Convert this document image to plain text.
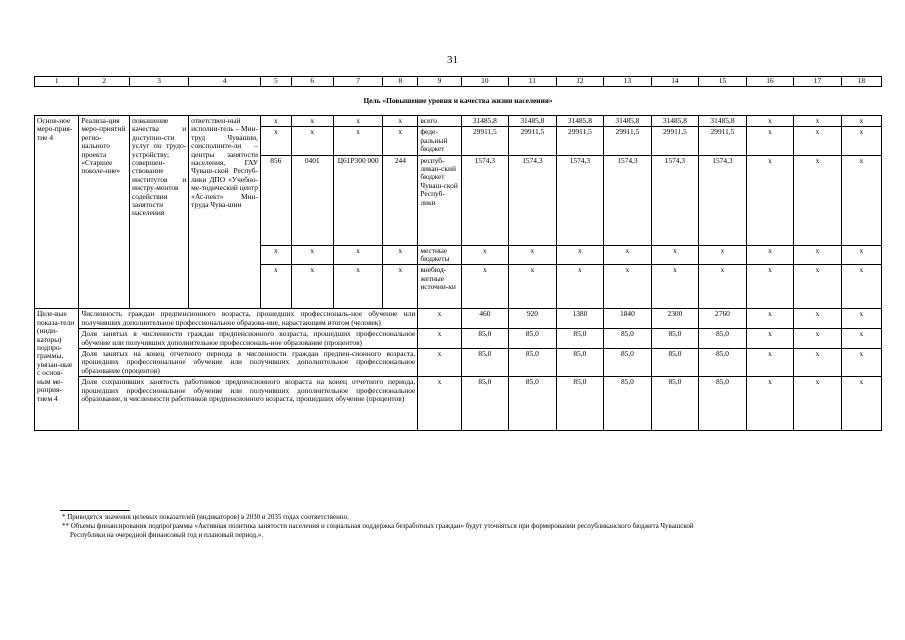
31
1	2	3	4	5	6	7	8	9	10	11	12	13	14	15	16	17	18
Цель «Повышение уровня и качества жизни населения»																	
Основ-ное меро-прия-тие 4	Реализа-ция меро-приятий регио-нального проекта «Старшее поколе-ние»	повышение качества и доступно-сти услуг по трудо-устройству; совершен-ствование институтов и инстру-ментов содействия занятости населения	ответствен-ный исполни-тель – Мин-труд Чувашии, соисполните-ли – центры занятости населения, ГАУ Чуваш-ской Респуб-лики ДПО «Учебно-ме-тодический центр «Ас-пект» Мин-труда Чува-шии	x	x	x	x	всего	31485,8	31485,8	31485,8	31485,8	31485,8	31485,8	x	x	x
				x	x	x	x	феде-ральный бюджет	29911,5	29911,5	29911,5	29911,5	29911,5	29911,5	x	x	x
				856	0401	Ц61Р300 000	244	респуб-ликан-ский бюджет Чуваш-ской Респуб-лики	1574,3	1574,3	1574,3	1574,3	1574,3	1574,3	x	x	x
				x	x	x	x	местные бюджеты	x	x	x	x	x	x	x	x	x
				x	x	x	x	внебюд-жетные источни-ки	x	x	x	x	x	x	x	x	x
Целе-вые показа-тели (инди-каторы) подпро-граммы, увязан-ные с основ-ным ме-роприя-тием 4	Численность граждан предпенсионного возраста, прошедших профессиональ-ное обучение или получивших дополнительное профессиональное образова-ние, нарастающим итогом (человек)							x	460	920	1380	1840	2300	2760	x	x	x
	Доля занятых в численности граждан предпенсионного возраста, прошедших профессиональное обучение или получивших дополнительное профессиональ-ное образование (процентов)							x	85,0	85,0	85,0	85,0	85,0	85,0	x	x	x
	Доля занятых на конец отчетного периода в численности граждан предпен-сионного возраста, прошедших профессиональное обучение или получивших дополнительное профессиональное образование (процентов)							x	85,0	85,0	85,0	85,0	85,0	85,0	x	x	x
	Доля сохранивших занятость работников предпенсионного возраста на конец отчетного периода, прошедших профессиональное обучение или получивших дополнительное профессиональное образование, в численности работников предпенсионного возраста, прошедших обучение (процентов)							x	85,0	85,0	85,0	85,0	85,0	85,0	x	x	x

* Приводятся значения целевых показателей (индикаторов) в 2030 и 2035 годах соответственно.

** Объемы финансирования подпрограммы «Активная политика занятости населения и социальная поддержка безработных граждан» будут уточняться при формировании республиканского бюджета Чувашской

Республики на очередной финансовый год и плановый период.».
